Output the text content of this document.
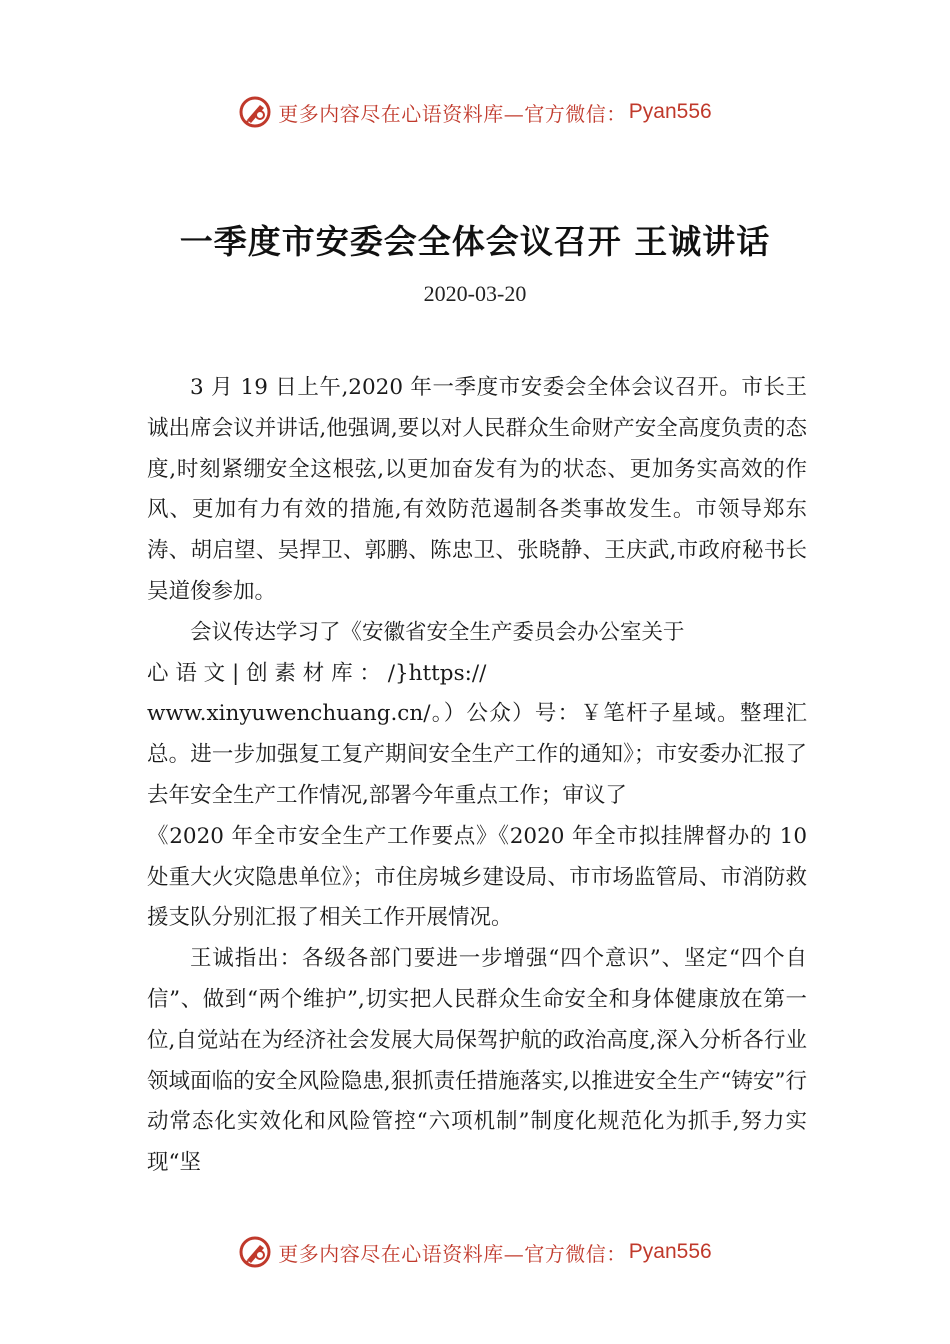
更多内容尽在心语资料库—官方微信： Pyan556
一季度市安委会全体会议召开 王诚讲话
2020-03-20

3 月 19 日上午,2020 年一季度市安委会全体会议召开。市长王诚出席会议并讲话,他强调,要以对人民群众生命财产安全高度负责的态度,时刻紧绷安全这根弦,以更加奋发有为的状态、更加务实高效的作风、更加有力有效的措施,有效防范遏制各类事故发生。市领导郑东涛、胡启望、吴捍卫、郭鹏、陈忠卫、张晓静、王庆武,市政府秘书长吴道俊参加。

会议传达学习了《安徽省安全生产委员会办公室关于

心 语 文 | 创 素 材 库 ： /}https://

www.xinyuwenchuang.cn/。）公众）号：￥笔杆子星域。整理汇总。进一步加强复工复产期间安全生产工作的通知》；市安委办汇报了去年安全生产工作情况,部署今年重点工作；审议了

《2020 年全市安全生产工作要点》《2020 年全市拟挂牌督办的 10 处重大火灾隐患单位》；市住房城乡建设局、市市场监管局、市消防救援支队分别汇报了相关工作开展情况。

王诚指出：各级各部门要进一步增强“四个意识”、坚定“四个自信”、做到“两个维护”,切实把人民群众生命安全和身体健康放在第一位,自觉站在为经济社会发展大局保驾护航的政治高度,深入分析各行业领域面临的安全风险隐患,狠抓责任措施落实,以推进安全生产“铸安”行动常态化实效化和风险管控“六项机制”制度化规范化为抓手,努力实现“坚

更多内容尽在心语资料库—官方微信： Pyan556
